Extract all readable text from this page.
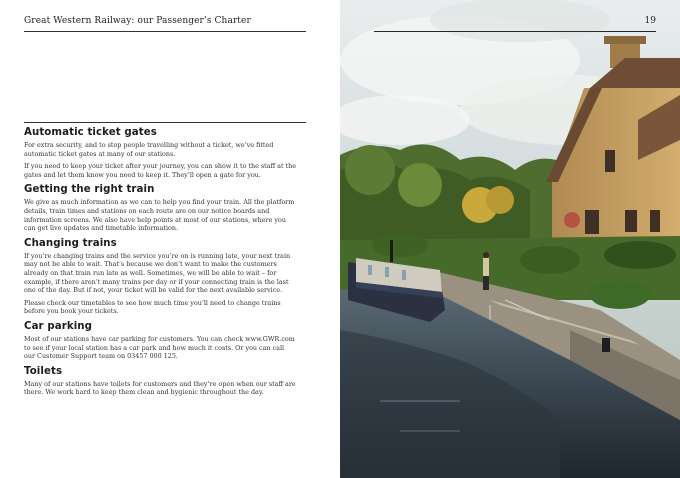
Great Western Railway: our Passenger’s Charter
Automatic ticket gates

For extra security, and to stop people travelling without a ticket, we’ve fitted automatic ticket gates at many of our stations.

If you need to keep your ticket after your journey, you can show it to the staff at the gates and let them know you need to keep it. They’ll open a gate for you.

Getting the right train

We give as much information as we can to help you find your train. All the platform details, train times and stations on each route are on our notice boards and information screens. We also have help points at most of our stations, where you can get live updates and timetable information.

Changing trains

If you’re changing trains and the service you’re on is running late, your next train may not be able to wait. That’s because we don’t want to make the customers already on that train run late as well. Sometimes, we will be able to wait – for example, if there aren’t many trains per day or if your connecting train is the last one of the day. But if not, your ticket will be valid for the next available service.

Please check our timetables to see how much time you’ll need to change trains before you book your tickets.

Car parking

Most of our stations have car parking for customers. You can check www.GWR.com to see if your local station has a car park and how much it costs. Or you can call our Customer Support team on 03457 000 125.

Toilets

Many of our stations have toilets for customers and they’re open when our staff are there. We work hard to keep them clean and hygienic throughout the day.

19
